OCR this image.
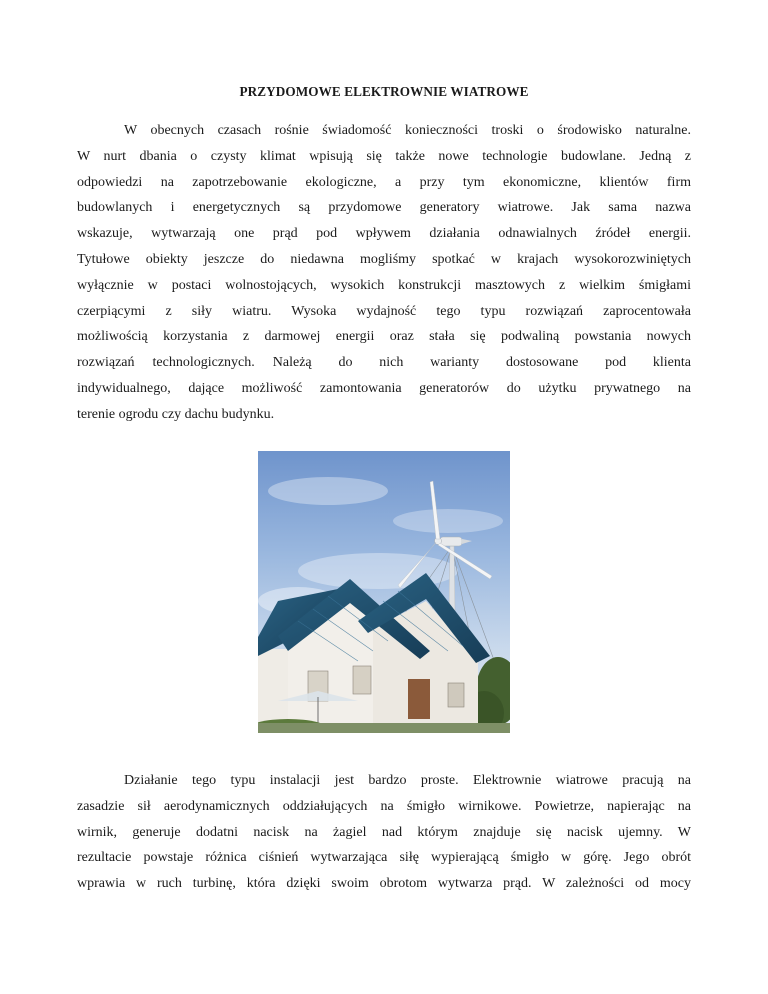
PRZYDOMOWE ELEKTROWNIE WIATROWE
W obecnych czasach rośnie świadomość konieczności troski o środowisko naturalne.
W nurt dbania o czysty klimat wpisują się także nowe technologie budowlane. Jedną z
odpowiedzi na zapotrzebowanie ekologiczne, a przy tym ekonomiczne, klientów firm
budowlanych i energetycznych są przydomowe generatory wiatrowe. Jak sama nazwa
wskazuje, wytwarzają one prąd pod wpływem działania odnawialnych źródeł energii.
Tytułowe obiekty jeszcze do niedawna mogliśmy spotkać w krajach wysokorozwiniętych
wyłącznie w postaci wolnostojących, wysokich konstrukcji masztowych z wielkim śmigłami
czerpiącymi z siły wiatru. Wysoka wydajność tego typu rozwiązań zaprocentowała
możliwością korzystania z darmowej energii oraz stała się podwaliną powstania nowych
rozwiązań technologicznych. Należą do nich warianty dostosowane pod klienta
indywidualnego, dające możliwość zamontowania generatorów do użytku prywatnego na
terenie ogrodu czy dachu budynku.
Działanie tego typu instalacji jest bardzo proste. Elektrownie wiatrowe pracują na
zasadzie sił aerodynamicznych oddziałujących na śmigło wirnikowe. Powietrze, napierając na
wirnik, generuje dodatni nacisk na żagiel nad którym znajduje się nacisk ujemny. W
rezultacie powstaje różnica ciśnień wytwarzająca siłę wypierającą śmigło w górę. Jego obrót
wprawia w ruch turbinę, która dzięki swoim obrotom wytwarza prąd. W zależności od mocy
